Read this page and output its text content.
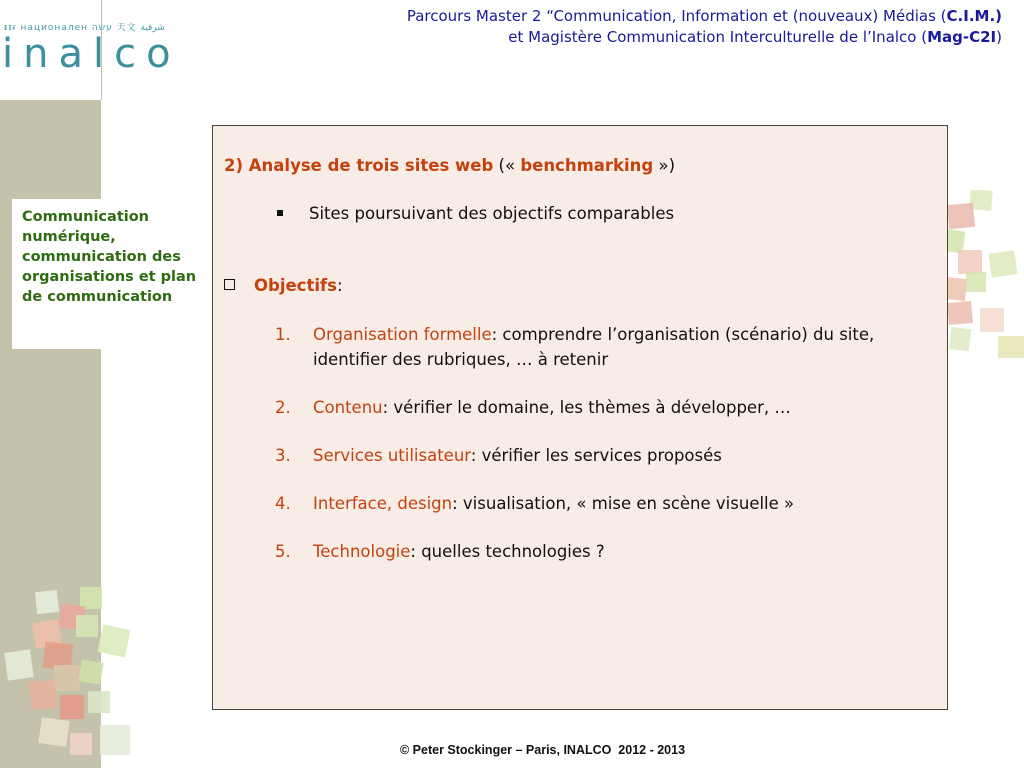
ᵻᵻᵳ национален עשה 天文 شرقية
inalco
Parcours Master 2 “Communication, Information et (nouveaux) Médias (C.I.M.)
et Magistère Communication Interculturelle de l’Inalco (Mag-C2I)

Communication numérique, communication des organisations et plan de communication

2) Analyse de trois sites web (« benchmarking »)
Sites poursuivant des objectifs comparables
Objectifs:
1.	Organisation formelle: comprendre l’organisation (scénario) du site, identifier des rubriques, … à retenir
2.	Contenu: vérifier le domaine, les thèmes à développer, …
3.	Services utilisateur: vérifier les services proposés
4.	Interface, design: visualisation, « mise en scène visuelle »
5.	Technologie: quelles technologies ?
© Peter Stockinger – Paris, INALCO  2012 - 2013
